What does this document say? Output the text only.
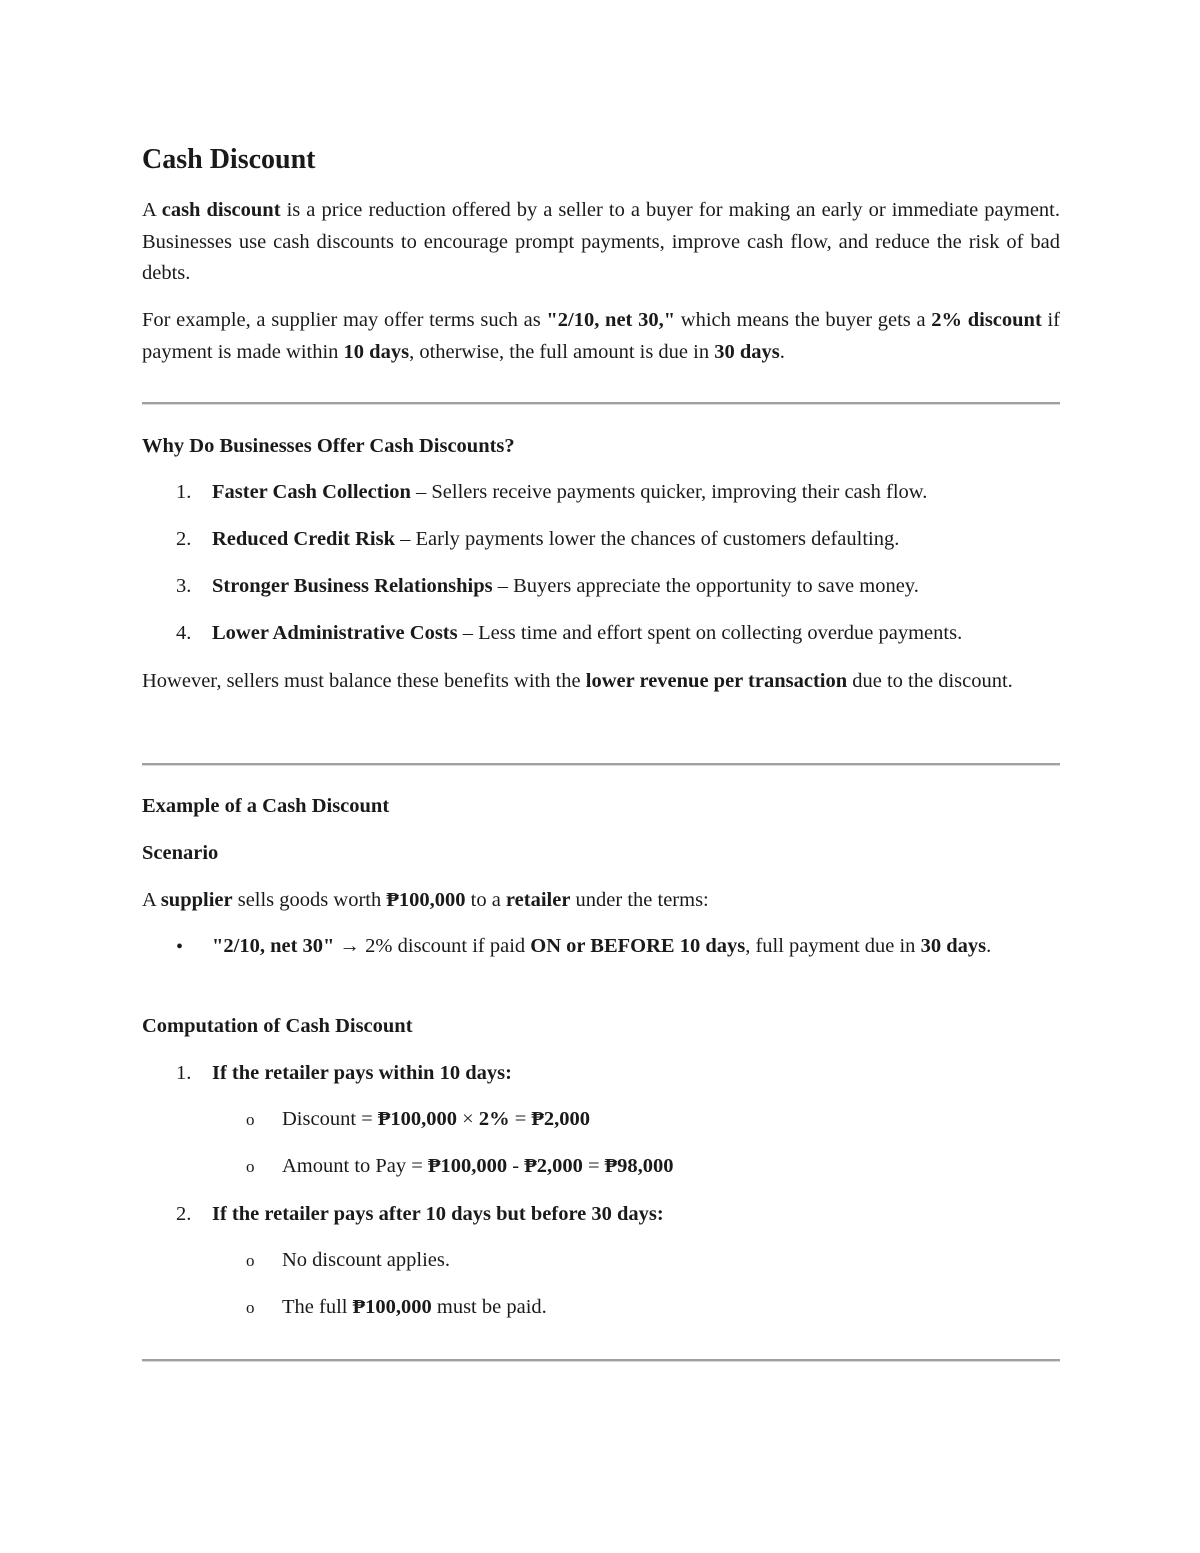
Cash Discount

A cash discount is a price reduction offered by a seller to a buyer for making an early or immediate payment. Businesses use cash discounts to encourage prompt payments, improve cash flow, and reduce the risk of bad debts.

For example, a supplier may offer terms such as "2/10, net 30," which means the buyer gets a 2% discount if payment is made within 10 days, otherwise, the full amount is due in 30 days.

Why Do Businesses Offer Cash Discounts?

1. Faster Cash Collection – Sellers receive payments quicker, improving their cash flow.

2. Reduced Credit Risk – Early payments lower the chances of customers defaulting.

3. Stronger Business Relationships – Buyers appreciate the opportunity to save money.

4. Lower Administrative Costs – Less time and effort spent on collecting overdue payments.

However, sellers must balance these benefits with the lower revenue per transaction due to the discount.

Example of a Cash Discount

Scenario

A supplier sells goods worth ₱100,000 to a retailer under the terms:

• "2/10, net 30" → 2% discount if paid ON or BEFORE 10 days, full payment due in 30 days.

Computation of Cash Discount

1. If the retailer pays within 10 days:

o Discount = ₱100,000 × 2% = ₱2,000

o Amount to Pay = ₱100,000 - ₱2,000 = ₱98,000

2. If the retailer pays after 10 days but before 30 days:

o No discount applies.

o The full ₱100,000 must be paid.
